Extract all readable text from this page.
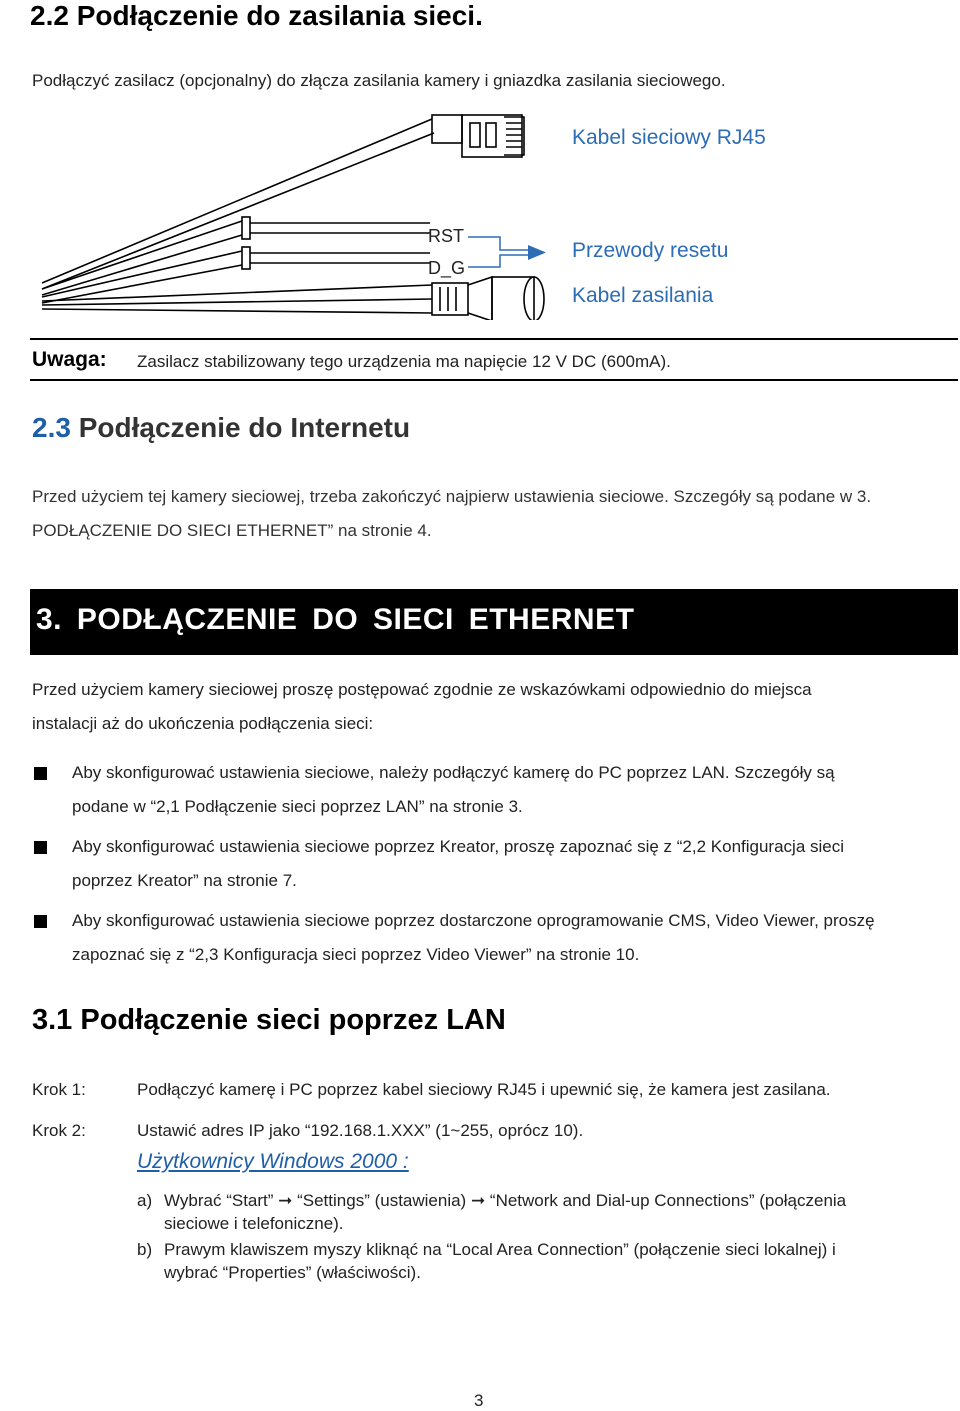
2.2 Podłączenie do zasilania sieci.
Podłączyć zasilacz (opcjonalny) do złącza zasilania kamery i gniazdka zasilania sieciowego.
RST
D_G
Kabel sieciowy RJ45
Przewody resetu
Kabel zasilania
Uwaga: Zasilacz stabilizowany tego urządzenia ma napięcie 12 V DC (600mA).
2.3 Podłączenie do Internetu
Przed użyciem tej kamery sieciowej, trzeba zakończyć najpierw ustawienia sieciowe. Szczegóły są podane w 3.
PODŁĄCZENIE DO SIECI ETHERNET” na stronie 4.
3. PODŁĄCZENIE DO SIECI ETHERNET
Przed użyciem kamery sieciowej proszę postępować zgodnie ze wskazówkami odpowiednio do miejsca
instalacji aż do ukończenia podłączenia sieci:
Aby skonfigurować ustawienia sieciowe, należy podłączyć kamerę do PC poprzez LAN. Szczegóły są
podane w “2,1 Podłączenie sieci poprzez LAN” na stronie 3.
Aby skonfigurować ustawienia sieciowe poprzez Kreator, proszę zapoznać się z “2,2 Konfiguracja sieci
poprzez Kreator” na stronie 7.
Aby skonfigurować ustawienia sieciowe poprzez dostarczone oprogramowanie CMS, Video Viewer, proszę
zapoznać się z “2,3 Konfiguracja sieci poprzez Video Viewer” na stronie 10.
3.1 Podłączenie sieci poprzez LAN
Krok 1:	Podłączyć kamerę i PC poprzez kabel sieciowy RJ45 i upewnić się, że kamera jest zasilana.
Krok 2:	Ustawić adres IP jako “192.168.1.XXX” (1~255, oprócz 10).
Użytkownicy Windows 2000 :
a) Wybrać “Start” ➞ “Settings” (ustawienia) ➞ “Network and Dial-up Connections” (połączenia
sieciowe i telefoniczne).
b) Prawym klawiszem myszy kliknąć na “Local Area Connection” (połączenie sieci lokalnej) i
wybrać “Properties” (właściwości).
3
